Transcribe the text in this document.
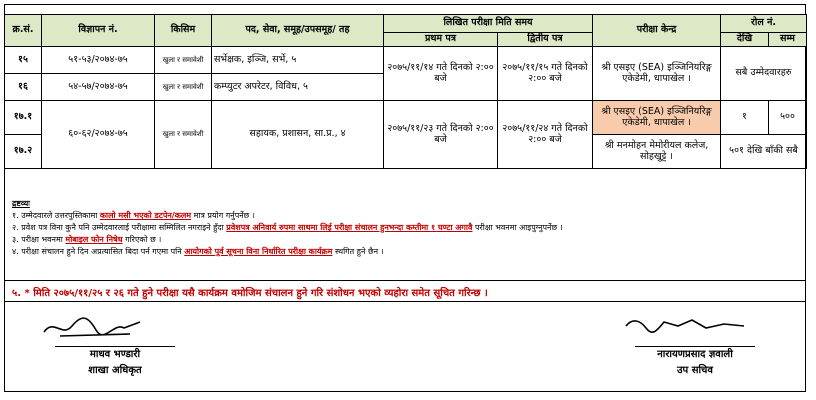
क्र.सं.	विज्ञापन नं.	किसिम	पद, सेवा, समूह/उपसमूह/ तह	लिखित परीक्षा मिति समय		परीक्षा केन्द्र	रोल नं.	
				प्रथम पत्र	द्वितीय पत्र		देखि	सम्म
१५	५१-५३/२०७४-७५	खुला र समावेशी	सर्भेक्षक, इञ्जि, सर्भे, ५	२०७५/११/१४ गते दिनको २:०० बजे	२०७५/११/१५ गते दिनको २:०० बजे	श्री एसइए (SEA) इञ्जिनियरिङ्ग एकेडेमी, धापाखेल ।	सबै उम्मेदवारहरु	
१६	५४-५७/२०७४-७५	खुला र समावेशी	कम्प्युटर अपरेटर, विविध, ५					
१७.१	६०-६२/२०७४-७५	खुला र समावेशी	सहायक, प्रशासन, सा.प्र., ४	२०७५/११/२३ गते दिनको २:०० बजे	२०७५/११/२४ गते दिनको २:०० बजे	श्री एसइए (SEA) इञ्जिनियरिङ्ग एकेडेमी, धापाखेल ।	१	५००
१७.२						श्री मनमोहन मेमोरीयल कलेज, सोहखुट्टे ।	५०१ देखि बाँकी सबै	
द्रष्टव्यः
१. उम्मेदवारले उत्तरपुस्तिकामा कालो मसी भएको डटपेन/कलम मात्र प्रयोग गर्नुपर्नेछ ।
२. प्रवेश पत्र विना कुनै पनि उम्मेदवारलाई परीक्षामा सम्मिलित नगराइने हुँदा प्रवेशपत्र अनिवार्य रुपमा साथमा लिई परीक्षा संचालन हुनभन्दा कम्तीमा १ घण्टा अगावै परीक्षा भवनमा आइपुग्नुपर्नेछ ।
३. परीक्षा भवनमा मोबाइल फोन निषेध गरिएको छ ।
४. परीक्षा संचालन हुने दिन अप्रत्यासित बिदा पर्न गएमा पनि आयोगको पूर्व सूचना विना निर्धारित परीक्षा कार्यक्रम स्थगित हुने छैन ।
५. * मिति २०७५/११/२५ र २६ गते हुने परीक्षा यसै कार्यक्रम वमोजिम संचालन हुने गरि संशोधन भएको व्यहोरा समेत सूचित गरिन्छ ।
माधव भण्डारी
शाखा अधिकृत
नारायणप्रसाद ज्ञवाली
उप सचिव
